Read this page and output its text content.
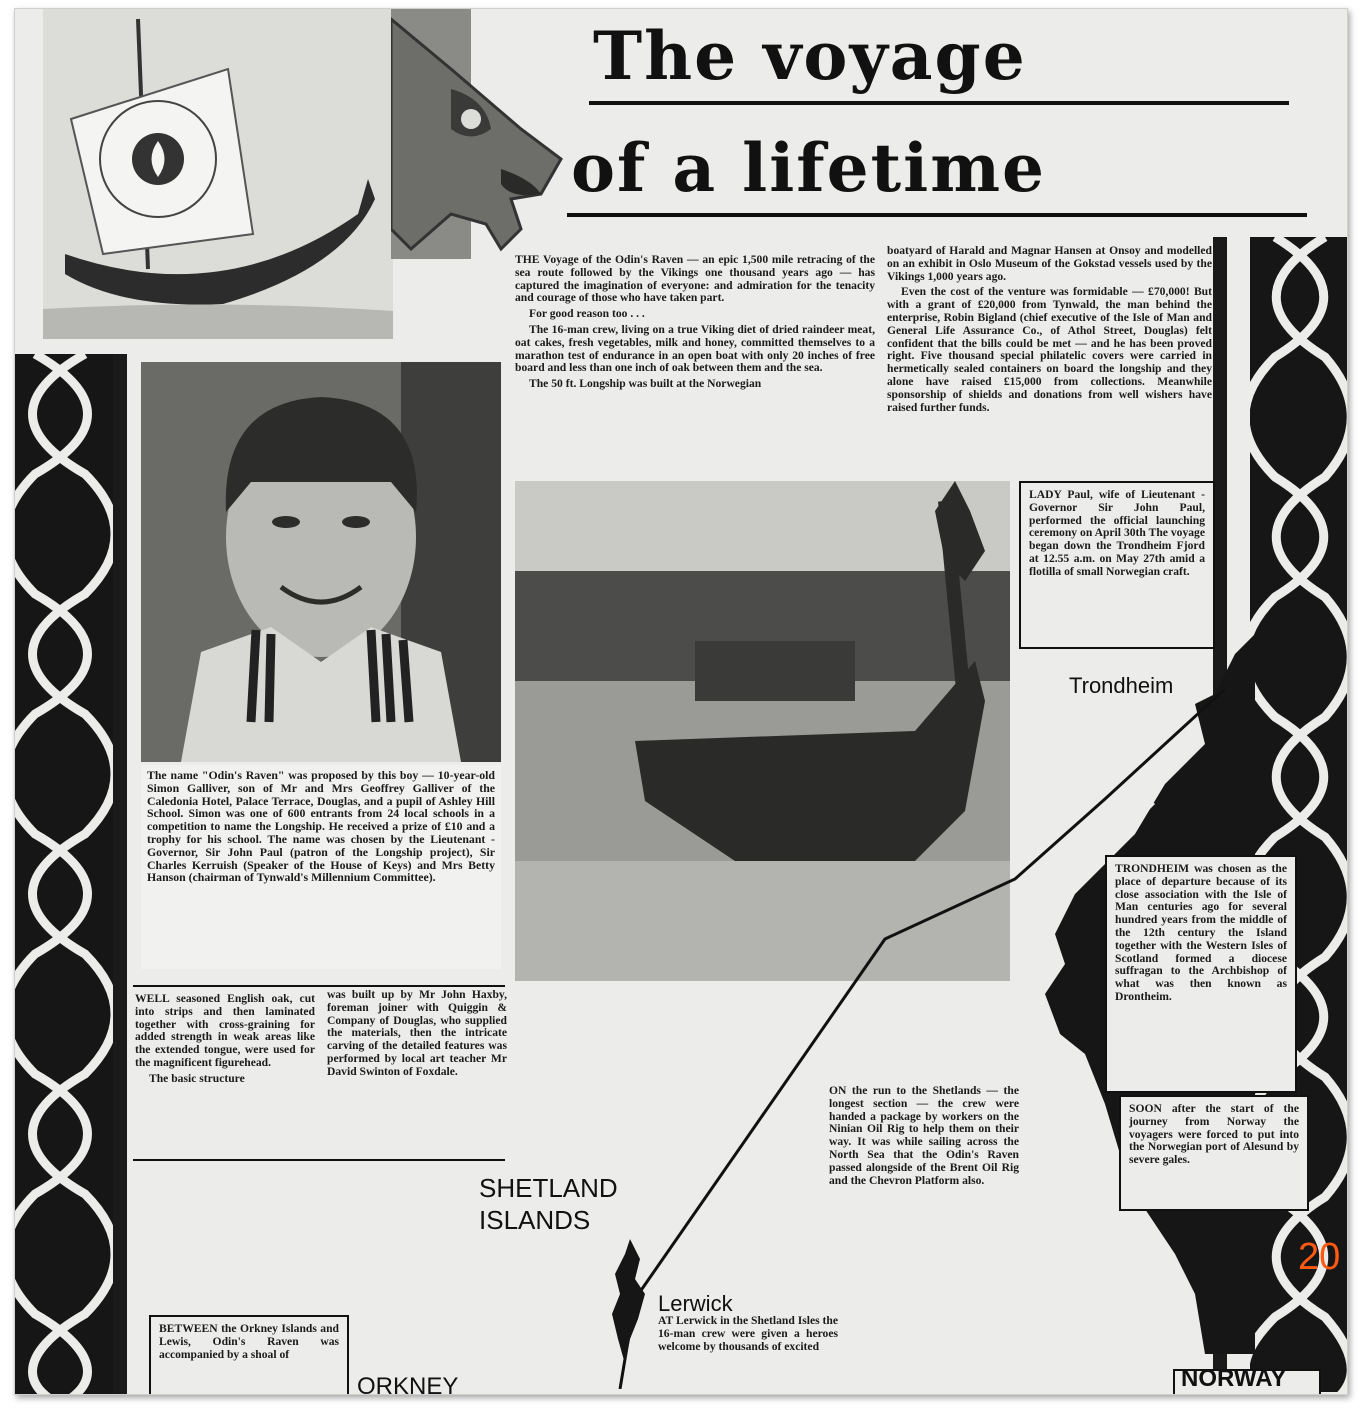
The voyage
of a lifetime
The name "Odin's Raven" was proposed by this boy — 10-year-old Simon Galliver, son of Mr and Mrs Geoffrey Galliver of the Caledonia Hotel, Palace Terrace, Douglas, and a pupil of Ashley Hill School. Simon was one of 600 entrants from 24 local schools in a competition to name the Longship. He received a prize of £10 and a trophy for his school. The name was chosen by the Lieutenant - Governor, Sir John Paul (patron of the Longship project), Sir Charles Kerruish (Speaker of the House of Keys) and Mrs Betty Hanson (chairman of Tynwald's Millennium Committee).

THE Voyage of the Odin's Raven — an epic 1,500 mile retracing of the sea route followed by the Vikings one thousand years ago — has captured the imagination of everyone: and admiration for the tenacity and courage of those who have taken part.

For good reason too . . .

The 16-man crew, living on a true Viking diet of dried raindeer meat, oat cakes, fresh vegetables, milk and honey, committed themselves to a marathon test of endurance in an open boat with only 20 inches of free board and less than one inch of oak between them and the sea.

The 50 ft. Longship was built at the Norwegian

boatyard of Harald and Magnar Hansen at Onsoy and modelled on an exhibit in Oslo Museum of the Gokstad vessels used by the Vikings 1,000 years ago.

Even the cost of the venture was formidable — £70,000! But with a grant of £20,000 from Tynwald, the man behind the enterprise, Robin Bigland (chief executive of the Isle of Man and General Life Assurance Co., of Athol Street, Douglas) felt confident that the bills could be met — and he has been proved right. Five thousand special philatelic covers were carried in hermetically sealed containers on board the longship and they alone have raised £15,000 from collections. Meanwhile sponsorship of shields and donations from well wishers have raised further funds.

LADY Paul, wife of Lieutenant - Governor Sir John Paul, performed the official launching ceremony on April 30th The voyage began down the Trondheim Fjord at 12.55 a.m. on May 27th amid a flotilla of small Norwegian craft.
Trondheim
TRONDHEIM was chosen as the place of departure because of its close association with the Isle of Man centuries ago for several hundred years from the middle of the 12th century the Island together with the Western Isles of Scotland formed a diocese suffragan to the Archbishop of what was then known as Drontheim.
SOON after the start of the journey from Norway the voyagers were forced to put into the Norwegian port of Alesund by severe gales.

WELL seasoned English oak, cut into strips and then laminated together with cross-graining for added strength in weak areas like the extended tongue, were used for the magnificent figurehead.

The basic structure

was built up by Mr John Haxby, foreman joiner with Quiggin & Company of Douglas, who supplied the materials, then the intricate carving of the detailed features was performed by local art teacher Mr David Swinton of Foxdale.

ON the run to the Shetlands — the longest section — the crew were handed a package by workers on the Ninian Oil Rig to help them on their way. It was while sailing across the North Sea that the Odin's Raven passed alongside of the Brent Oil Rig and the Chevron Platform also.

SHETLAND
ISLANDS
Lerwick

AT Lerwick in the Shetland Isles the 16-man crew were given a heroes welcome by thousands of excited

BETWEEN the Orkney Islands and Lewis, Odin's Raven was accompanied by a shoal of
ORKNEY	NORWAY
20
